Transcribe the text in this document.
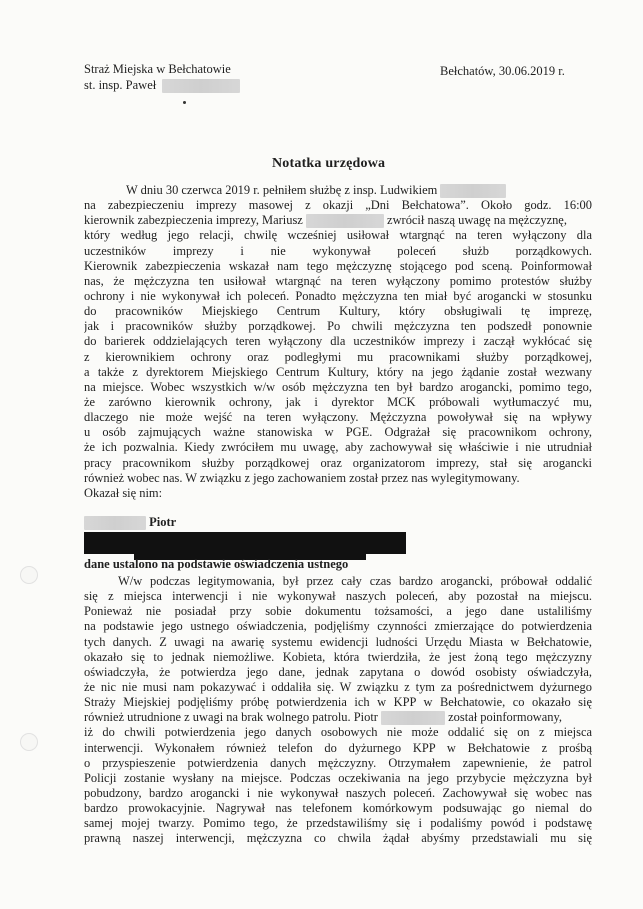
Straż Miejska w Bełchatowie
st. insp. Paweł
Bełchatów, 30.06.2019 r.
Notatka urzędowa
W dniu 30 czerwca 2019 r. pełniłem służbę z insp. Ludwikiem
na zabezpieczeniu imprezy masowej z okazji „Dni Bełchatowa”. Około godz. 16:00
kierownik zabezpieczenia imprezy, Mariusz	zwrócił naszą uwagę na mężczyznę,
który według jego relacji, chwilę wcześniej usiłował wtargnąć na teren wyłączony dla
uczestników imprezy i nie wykonywał poleceń służb porządkowych.
Kierownik zabezpieczenia wskazał nam tego mężczyznę stojącego pod sceną. Poinformował
nas, że mężczyzna ten usiłował wtargnąć na teren wyłączony pomimo protestów służby
ochrony i nie wykonywał ich poleceń. Ponadto mężczyzna ten miał być arogancki w stosunku
do pracowników Miejskiego Centrum Kultury, który obsługiwali tę imprezę,
jak i pracowników służby porządkowej. Po chwili mężczyzna ten podszedł ponownie
do barierek oddzielających teren wyłączony dla uczestników imprezy i zaczął wykłócać się
z kierownikiem ochrony oraz podległymi mu pracownikami służby porządkowej,
a także z dyrektorem Miejskiego Centrum Kultury, który na jego żądanie został wezwany
na miejsce. Wobec wszystkich w/w osób mężczyzna ten był bardzo arogancki, pomimo tego,
że zarówno kierownik ochrony, jak i dyrektor MCK próbowali wytłumaczyć mu,
dlaczego nie może wejść na teren wyłączony. Mężczyzna powoływał się na wpływy
u osób zajmujących ważne stanowiska w PGE. Odgrażał się pracownikom ochrony,
że ich pozwalnia. Kiedy zwróciłem mu uwagę, aby zachowywał się właściwie i nie utrudniał
pracy pracownikom służby porządkowej oraz organizatorom imprezy, stał się arogancki
również wobec nas. W związku z jego zachowaniem został przez nas wylegitymowany.
Okazał się nim:
Piotr
dane ustalono na podstawie oświadczenia ustnego
W/w podczas legitymowania, był przez cały czas bardzo arogancki, próbował oddalić
się z miejsca interwencji i nie wykonywał naszych poleceń, aby pozostał na miejscu.
Ponieważ nie posiadał przy sobie dokumentu tożsamości, a jego dane ustaliliśmy
na podstawie jego ustnego oświadczenia, podjęliśmy czynności zmierzające do potwierdzenia
tych danych. Z uwagi na awarię systemu ewidencji ludności Urzędu Miasta w Bełchatowie,
okazało się to jednak niemożliwe. Kobieta, która twierdziła, że jest żoną tego mężczyzny
oświadczyła, że potwierdza jego dane, jednak zapytana o dowód osobisty oświadczyła,
że nic nie musi nam pokazywać i oddaliła się. W związku z tym za pośrednictwem dyżurnego
Straży Miejskiej podjęliśmy próbę potwierdzenia ich w KPP w Bełchatowie, co okazało się
również utrudnione z uwagi na brak wolnego patrolu. Piotr	został poinformowany,
iż do chwili potwierdzenia jego danych osobowych nie może oddalić się on z miejsca
interwencji. Wykonałem również telefon do dyżurnego KPP w Bełchatowie z prośbą
o przyspieszenie potwierdzenia danych mężczyzny. Otrzymałem zapewnienie, że patrol
Policji zostanie wysłany na miejsce. Podczas oczekiwania na jego przybycie mężczyzna był
pobudzony, bardzo arogancki i nie wykonywał naszych poleceń. Zachowywał się wobec nas
bardzo prowokacyjnie. Nagrywał nas telefonem komórkowym podsuwając go niemal do
samej mojej twarzy. Pomimo tego, że przedstawiliśmy się i podaliśmy powód i podstawę
prawną naszej interwencji, mężczyzna co chwila żądał abyśmy przedstawiali mu się
